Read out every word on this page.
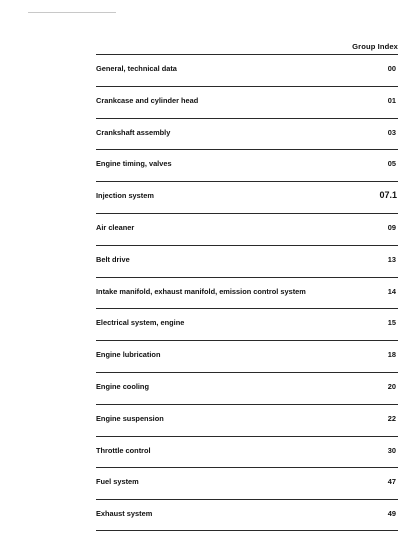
Group Index
General, technical data	00
Crankcase and cylinder head	01
Crankshaft assembly	03
Engine timing, valves	05
Injection system	07.1
Air cleaner	09
Belt drive	13
Intake manifold, exhaust manifold, emission control system	14
Electrical system, engine	15
Engine lubrication	18
Engine cooling	20
Engine suspension	22
Throttle control	30
Fuel system	47
Exhaust system	49
